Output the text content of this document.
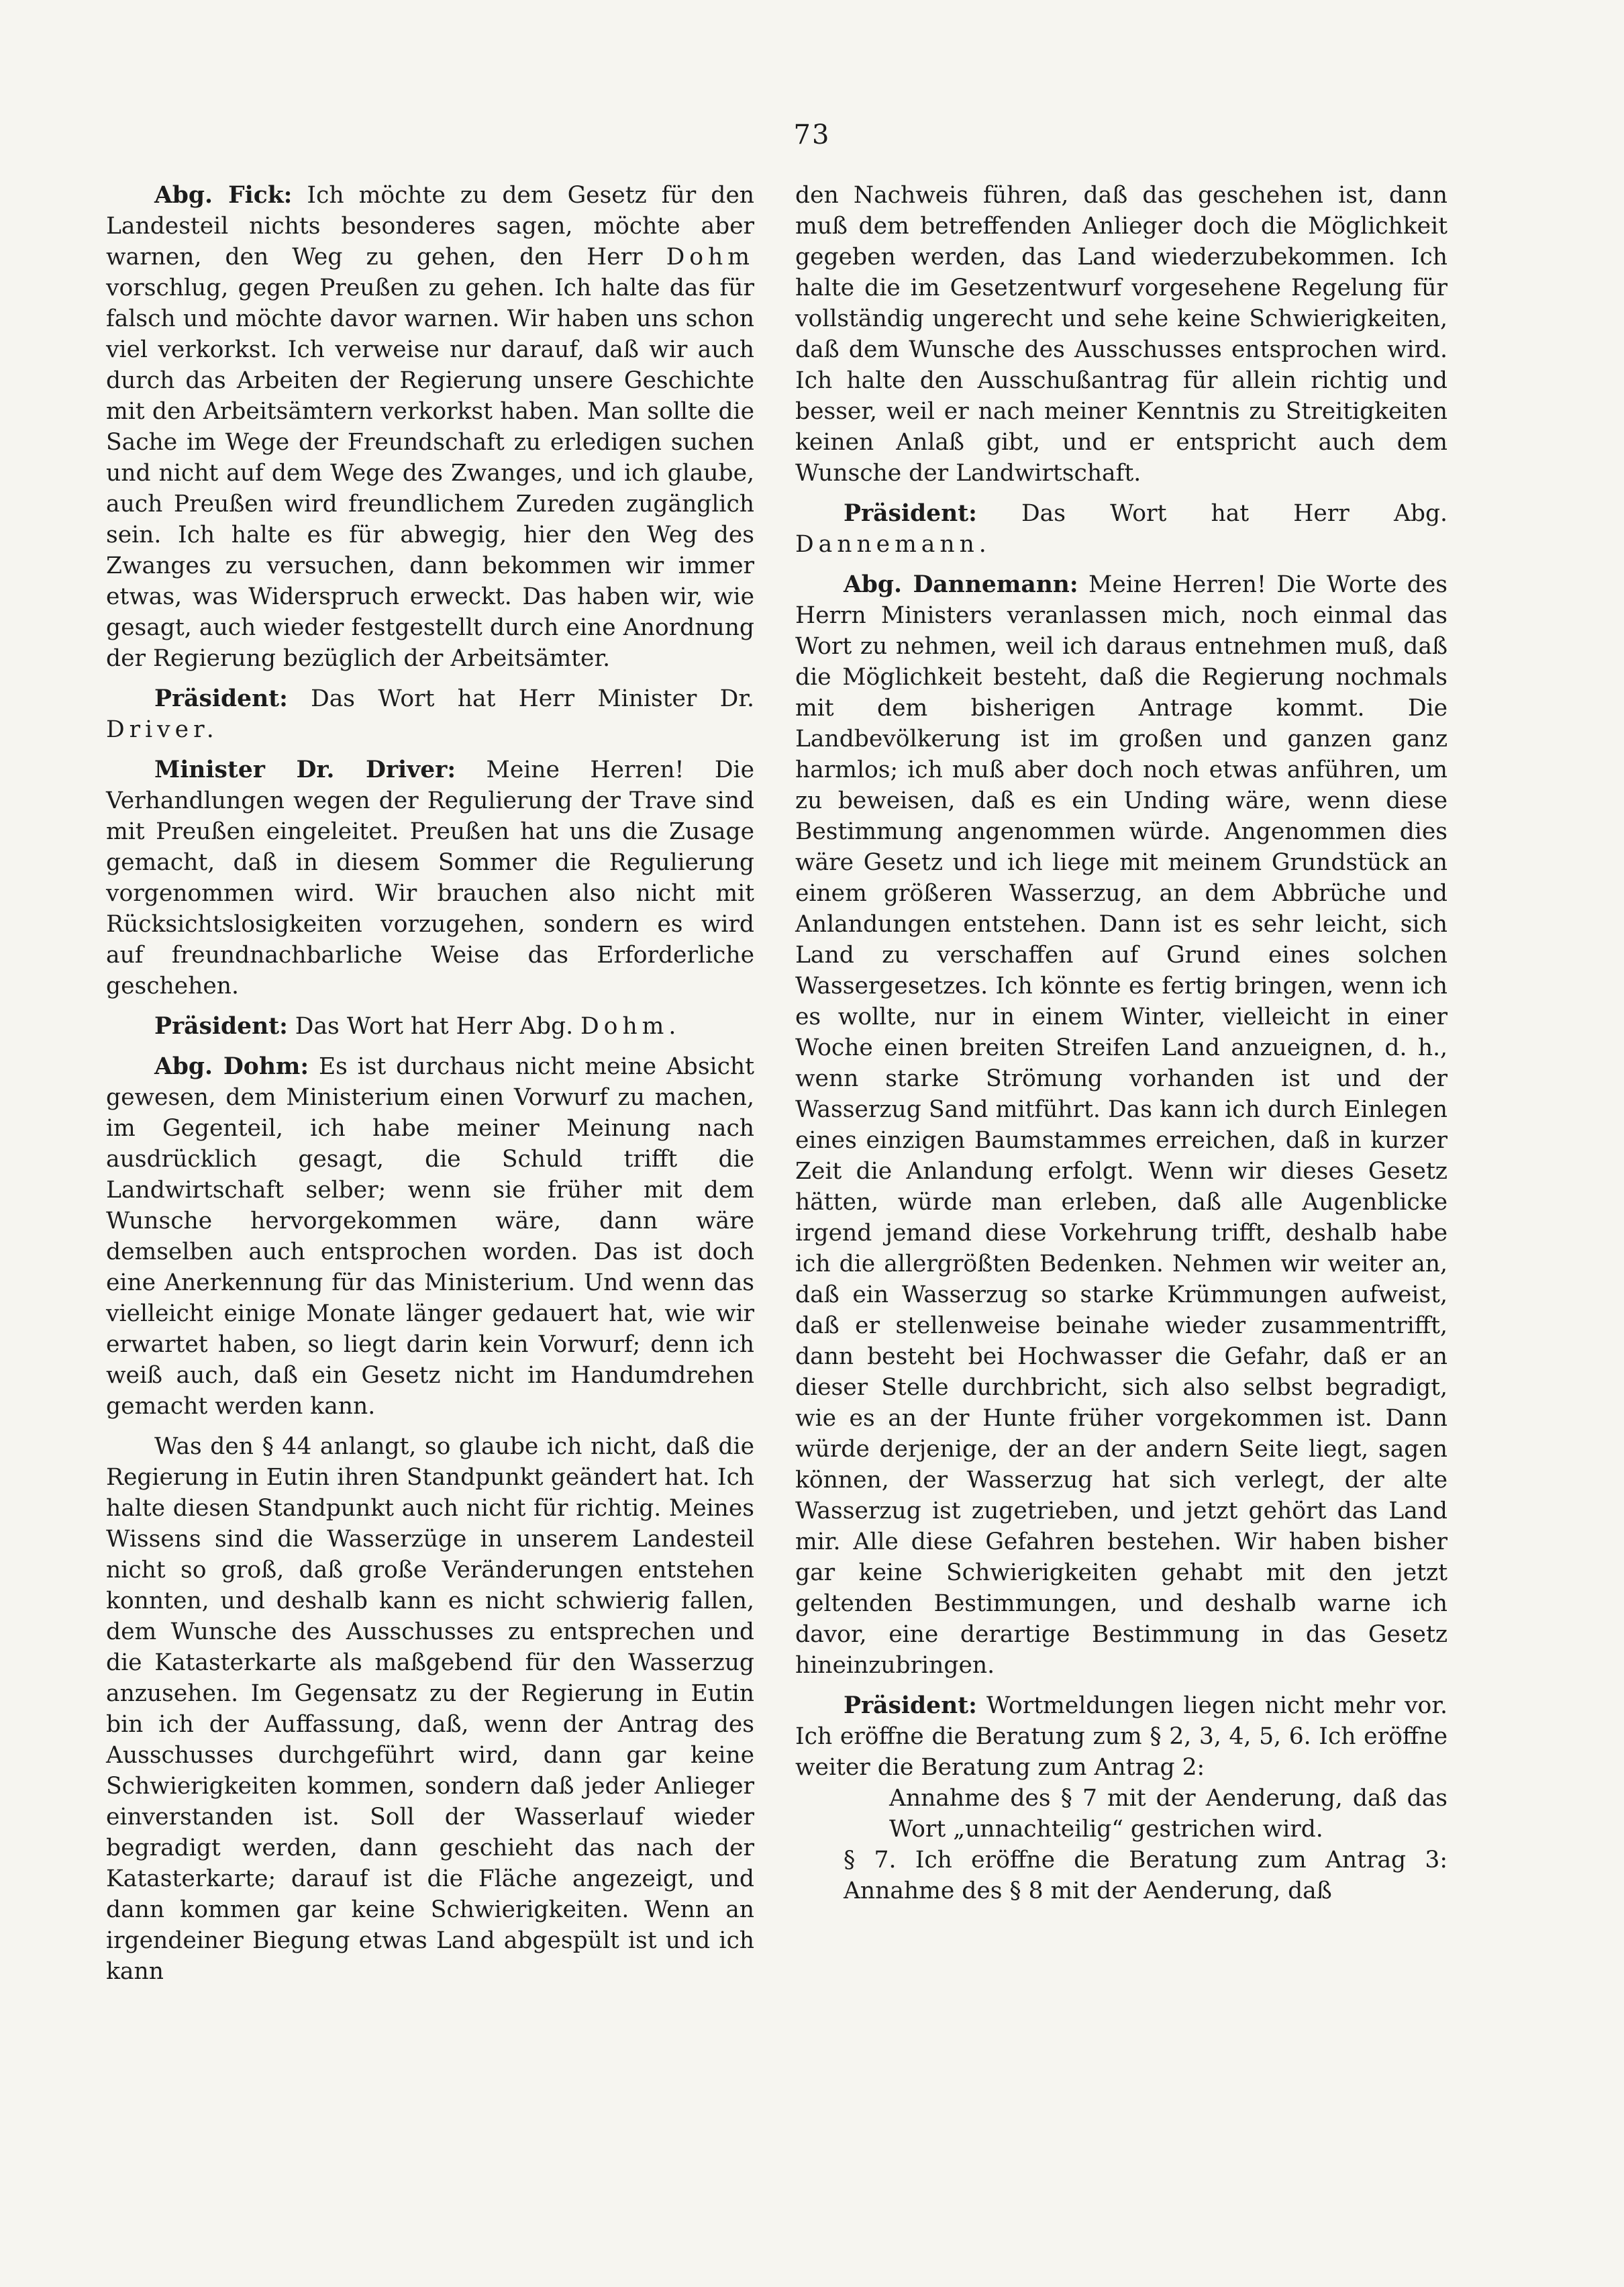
73

Abg. Fick: Ich möchte zu dem Gesetz für den Landesteil nichts besonderes sagen, möchte aber warnen, den Weg zu gehen, den Herr Dohm vorschlug, gegen Preußen zu gehen. Ich halte das für falsch und möchte davor warnen. Wir haben uns schon viel verkorkst. Ich verweise nur darauf, daß wir auch durch das Arbeiten der Regierung unsere Geschichte mit den Arbeitsämtern verkorkst haben. Man sollte die Sache im Wege der Freundschaft zu erledigen suchen und nicht auf dem Wege des Zwanges, und ich glaube, auch Preußen wird freundlichem Zureden zugänglich sein. Ich halte es für abwegig, hier den Weg des Zwanges zu versuchen, dann bekommen wir immer etwas, was Widerspruch erweckt. Das haben wir, wie gesagt, auch wieder festgestellt durch eine Anordnung der Regierung bezüglich der Arbeitsämter.

Präsident: Das Wort hat Herr Minister Dr. Driver.

Minister Dr. Driver: Meine Herren! Die Verhandlungen wegen der Regulierung der Trave sind mit Preußen eingeleitet. Preußen hat uns die Zusage gemacht, daß in diesem Sommer die Regulierung vorgenommen wird. Wir brauchen also nicht mit Rücksichtslosigkeiten vorzugehen, sondern es wird auf freundnachbarliche Weise das Erforderliche geschehen.

Präsident: Das Wort hat Herr Abg. Dohm.

Abg. Dohm: Es ist durchaus nicht meine Absicht gewesen, dem Ministerium einen Vorwurf zu machen, im Gegenteil, ich habe meiner Meinung nach ausdrücklich gesagt, die Schuld trifft die Landwirtschaft selber; wenn sie früher mit dem Wunsche hervorgekommen wäre, dann wäre demselben auch entsprochen worden. Das ist doch eine Anerkennung für das Ministerium. Und wenn das vielleicht einige Monate länger gedauert hat, wie wir erwartet haben, so liegt darin kein Vorwurf; denn ich weiß auch, daß ein Gesetz nicht im Handumdrehen gemacht werden kann.

Was den § 44 anlangt, so glaube ich nicht, daß die Regierung in Eutin ihren Standpunkt geändert hat. Ich halte diesen Standpunkt auch nicht für richtig. Meines Wissens sind die Wasserzüge in unserem Landesteil nicht so groß, daß große Veränderungen entstehen konnten, und deshalb kann es nicht schwierig fallen, dem Wunsche des Ausschusses zu entsprechen und die Katasterkarte als maßgebend für den Wasserzug anzusehen. Im Gegensatz zu der Regierung in Eutin bin ich der Auffassung, daß, wenn der Antrag des Ausschusses durchgeführt wird, dann gar keine Schwierigkeiten kommen, sondern daß jeder Anlieger einverstanden ist. Soll der Wasserlauf wieder begradigt werden, dann geschieht das nach der Katasterkarte; darauf ist die Fläche angezeigt, und dann kommen gar keine Schwierigkeiten. Wenn an irgendeiner Biegung etwas Land abgespült ist und ich kann

den Nachweis führen, daß das geschehen ist, dann muß dem betreffenden Anlieger doch die Möglichkeit gegeben werden, das Land wiederzubekommen. Ich halte die im Gesetzentwurf vorgesehene Regelung für vollständig ungerecht und sehe keine Schwierigkeiten, daß dem Wunsche des Ausschusses entsprochen wird. Ich halte den Ausschußantrag für allein richtig und besser, weil er nach meiner Kenntnis zu Streitigkeiten keinen Anlaß gibt, und er entspricht auch dem Wunsche der Landwirtschaft.

Präsident: Das Wort hat Herr Abg. Dannemann.

Abg. Dannemann: Meine Herren! Die Worte des Herrn Ministers veranlassen mich, noch einmal das Wort zu nehmen, weil ich daraus entnehmen muß, daß die Möglichkeit besteht, daß die Regierung nochmals mit dem bisherigen Antrage kommt. Die Landbevölkerung ist im großen und ganzen ganz harmlos; ich muß aber doch noch etwas anführen, um zu beweisen, daß es ein Unding wäre, wenn diese Bestimmung angenommen würde. Angenommen dies wäre Gesetz und ich liege mit meinem Grundstück an einem größeren Wasserzug, an dem Abbrüche und Anlandungen entstehen. Dann ist es sehr leicht, sich Land zu verschaffen auf Grund eines solchen Wassergesetzes. Ich könnte es fertig bringen, wenn ich es wollte, nur in einem Winter, vielleicht in einer Woche einen breiten Streifen Land anzueignen, d. h., wenn starke Strömung vorhanden ist und der Wasserzug Sand mitführt. Das kann ich durch Einlegen eines einzigen Baumstammes erreichen, daß in kurzer Zeit die Anlandung erfolgt. Wenn wir dieses Gesetz hätten, würde man erleben, daß alle Augenblicke irgend jemand diese Vorkehrung trifft, deshalb habe ich die allergrößten Bedenken. Nehmen wir weiter an, daß ein Wasserzug so starke Krümmungen aufweist, daß er stellenweise beinahe wieder zusammentrifft, dann besteht bei Hochwasser die Gefahr, daß er an dieser Stelle durchbricht, sich also selbst begradigt, wie es an der Hunte früher vorgekommen ist. Dann würde derjenige, der an der andern Seite liegt, sagen können, der Wasserzug hat sich verlegt, der alte Wasserzug ist zugetrieben, und jetzt gehört das Land mir. Alle diese Gefahren bestehen. Wir haben bisher gar keine Schwierigkeiten gehabt mit den jetzt geltenden Bestimmungen, und deshalb warne ich davor, eine derartige Bestimmung in das Gesetz hineinzubringen.

Präsident: Wortmeldungen liegen nicht mehr vor. Ich eröffne die Beratung zum § 2, 3, 4, 5, 6. Ich eröffne weiter die Beratung zum Antrag 2:

Annahme des § 7 mit der Aenderung, daß das Wort „unnachteilig“ gestrichen wird.

§ 7. Ich eröffne die Beratung zum Antrag 3: Annahme des § 8 mit der Aenderung, daß
